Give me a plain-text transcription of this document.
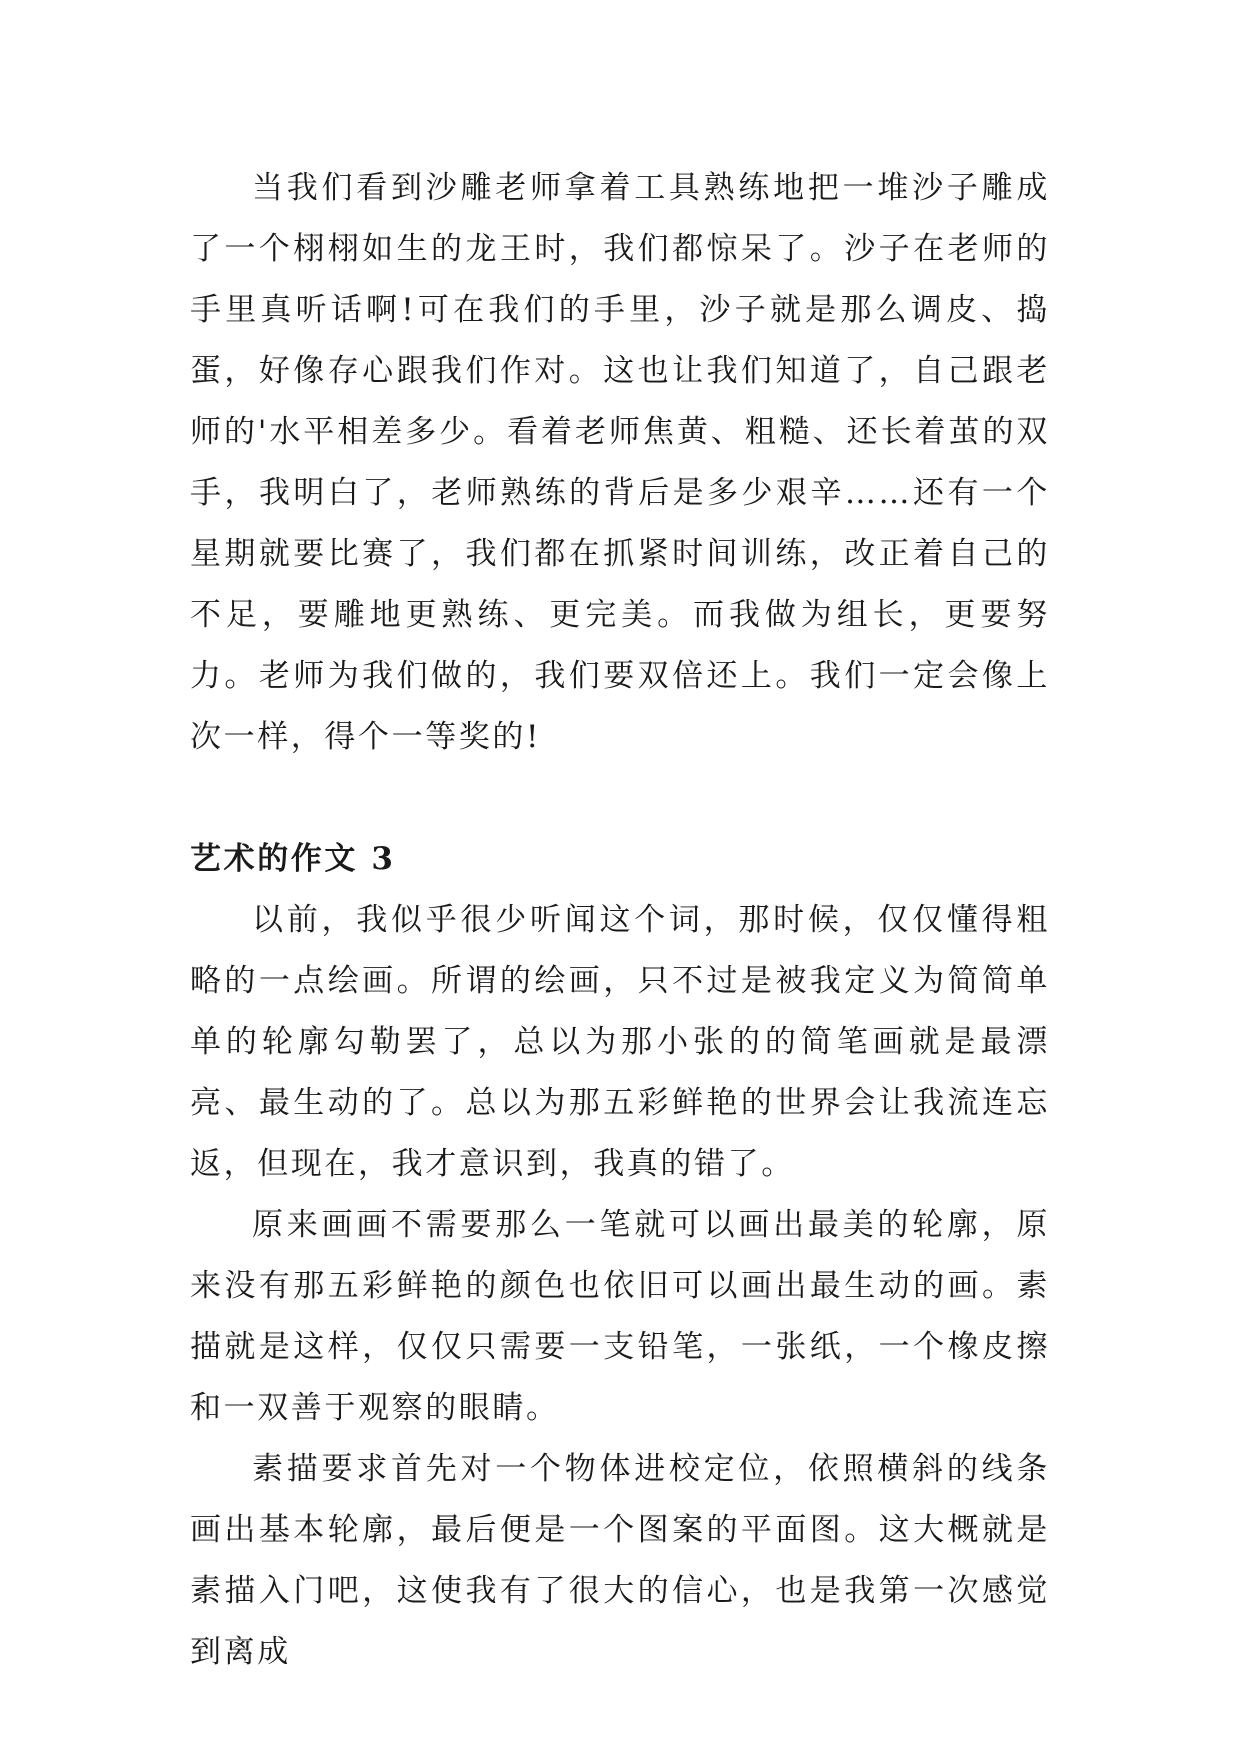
当我们看到沙雕老师拿着工具熟练地把一堆沙子雕成了一个栩栩如生的龙王时，我们都惊呆了。沙子在老师的手里真听话啊!可在我们的手里，沙子就是那么调皮、捣蛋，好像存心跟我们作对。这也让我们知道了，自己跟老师的'水平相差多少。看着老师焦黄、粗糙、还长着茧的双手，我明白了，老师熟练的背后是多少艰辛……还有一个星期就要比赛了，我们都在抓紧时间训练，改正着自己的不足，要雕地更熟练、更完美。而我做为组长，更要努力。老师为我们做的，我们要双倍还上。我们一定会像上次一样，得个一等奖的!

艺术的作文 3

以前，我似乎很少听闻这个词，那时候，仅仅懂得粗略的一点绘画。所谓的绘画，只不过是被我定义为简简单单的轮廓勾勒罢了，总以为那小张的的简笔画就是最漂亮、最生动的了。总以为那五彩鲜艳的世界会让我流连忘返，但现在，我才意识到，我真的错了。

原来画画不需要那么一笔就可以画出最美的轮廓，原来没有那五彩鲜艳的颜色也依旧可以画出最生动的画。素描就是这样，仅仅只需要一支铅笔，一张纸，一个橡皮擦和一双善于观察的眼睛。

素描要求首先对一个物体进校定位，依照横斜的线条画出基本轮廓，最后便是一个图案的平面图。这大概就是素描入门吧，这使我有了很大的信心，也是我第一次感觉到离成
